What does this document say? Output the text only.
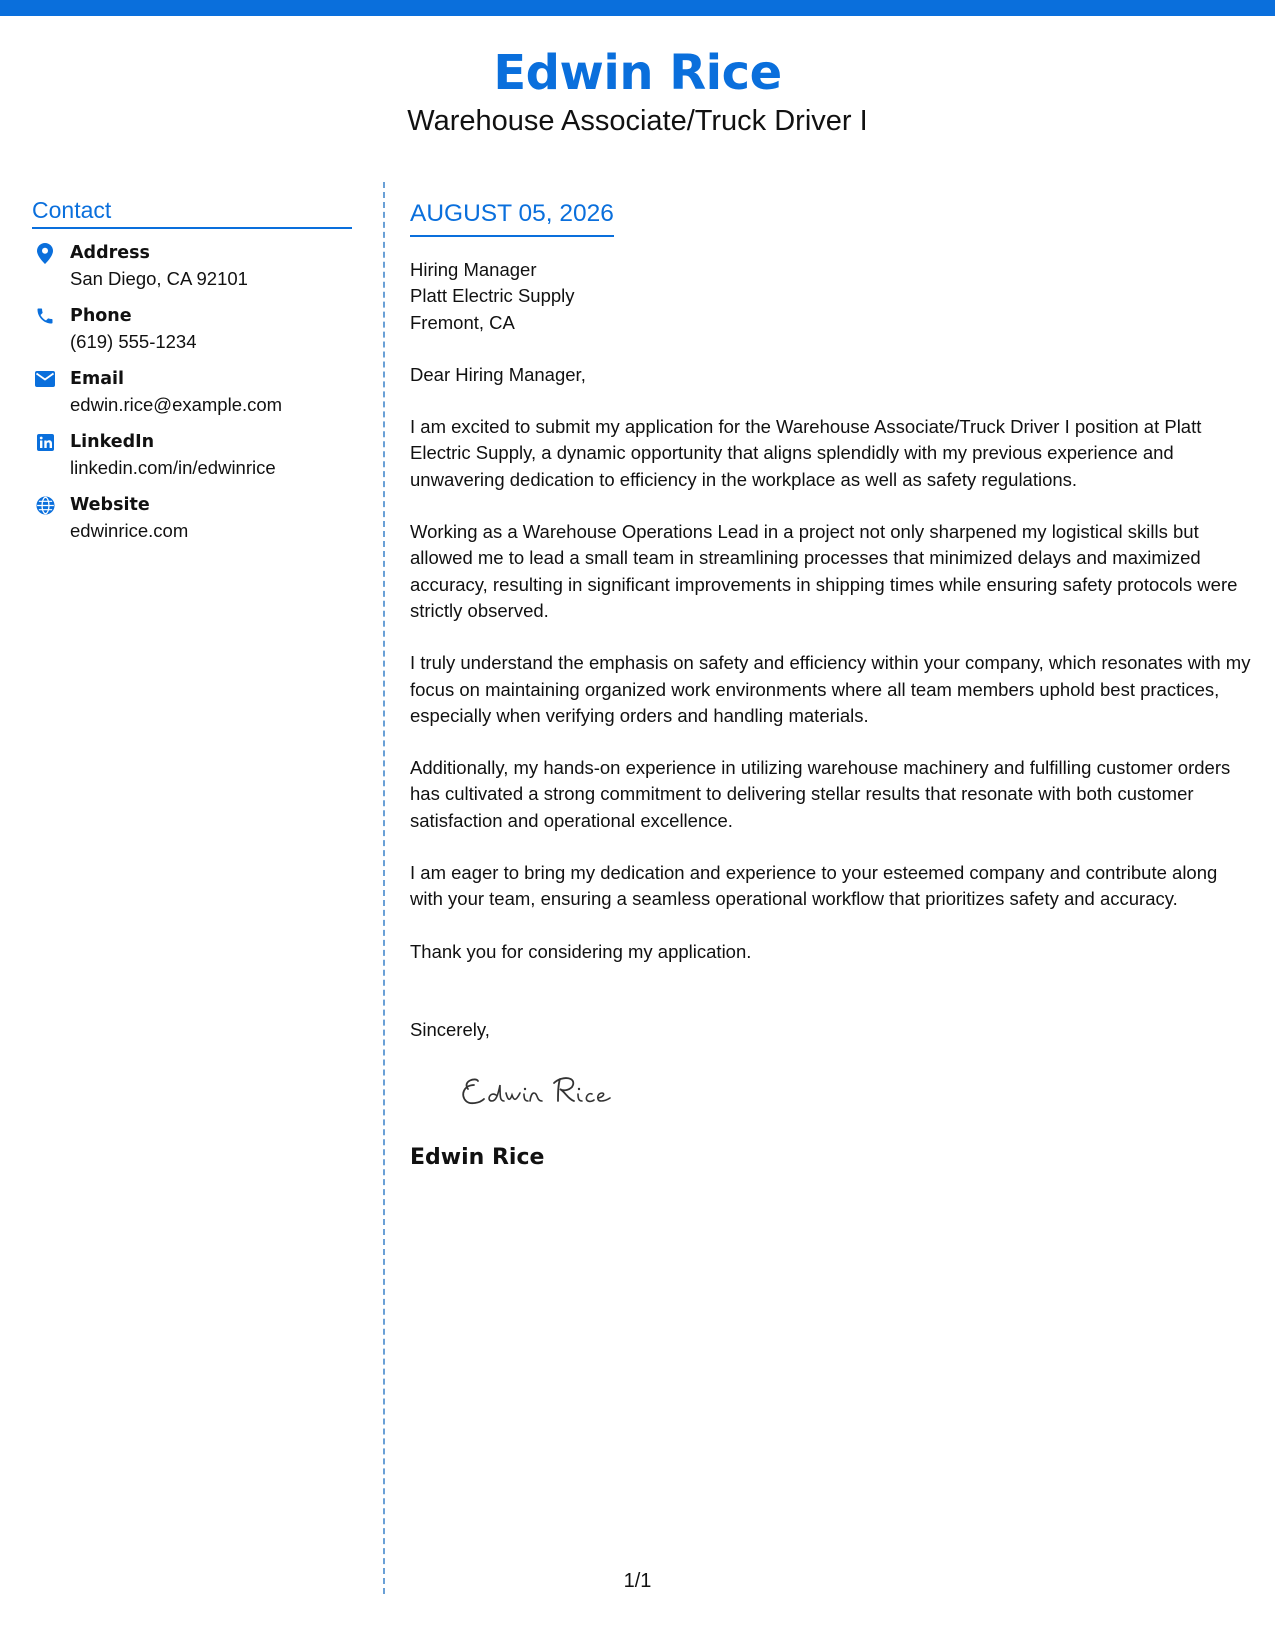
Edwin Rice
Warehouse Associate/Truck Driver I
Contact
Address
San Diego, CA 92101
Phone
(619) 555-1234
Email
edwin.rice@example.com
LinkedIn
linkedin.com/in/edwinrice
Website
edwinrice.com
AUGUST 05, 2026
Hiring Manager
Platt Electric Supply
Fremont, CA

Dear Hiring Manager,

I am excited to submit my application for the Warehouse Associate/Truck Driver I position at Platt Electric Supply, a dynamic opportunity that aligns splendidly with my previous experience and unwavering dedication to efficiency in the workplace as well as safety regulations.

Working as a Warehouse Operations Lead in a project not only sharpened my logistical skills but allowed me to lead a small team in streamlining processes that minimized delays and maximized accuracy, resulting in significant improvements in shipping times while ensuring safety protocols were strictly observed.

I truly understand the emphasis on safety and efficiency within your company, which resonates with my focus on maintaining organized work environments where all team members uphold best practices, especially when verifying orders and handling materials.

Additionally, my hands-on experience in utilizing warehouse machinery and fulfilling customer orders has cultivated a strong commitment to delivering stellar results that resonate with both customer satisfaction and operational excellence.

I am eager to bring my dedication and experience to your esteemed company and contribute along with your team, ensuring a seamless operational workflow that prioritizes safety and accuracy.

Thank you for considering my application.

Sincerely,
Edwin Rice
1/1
